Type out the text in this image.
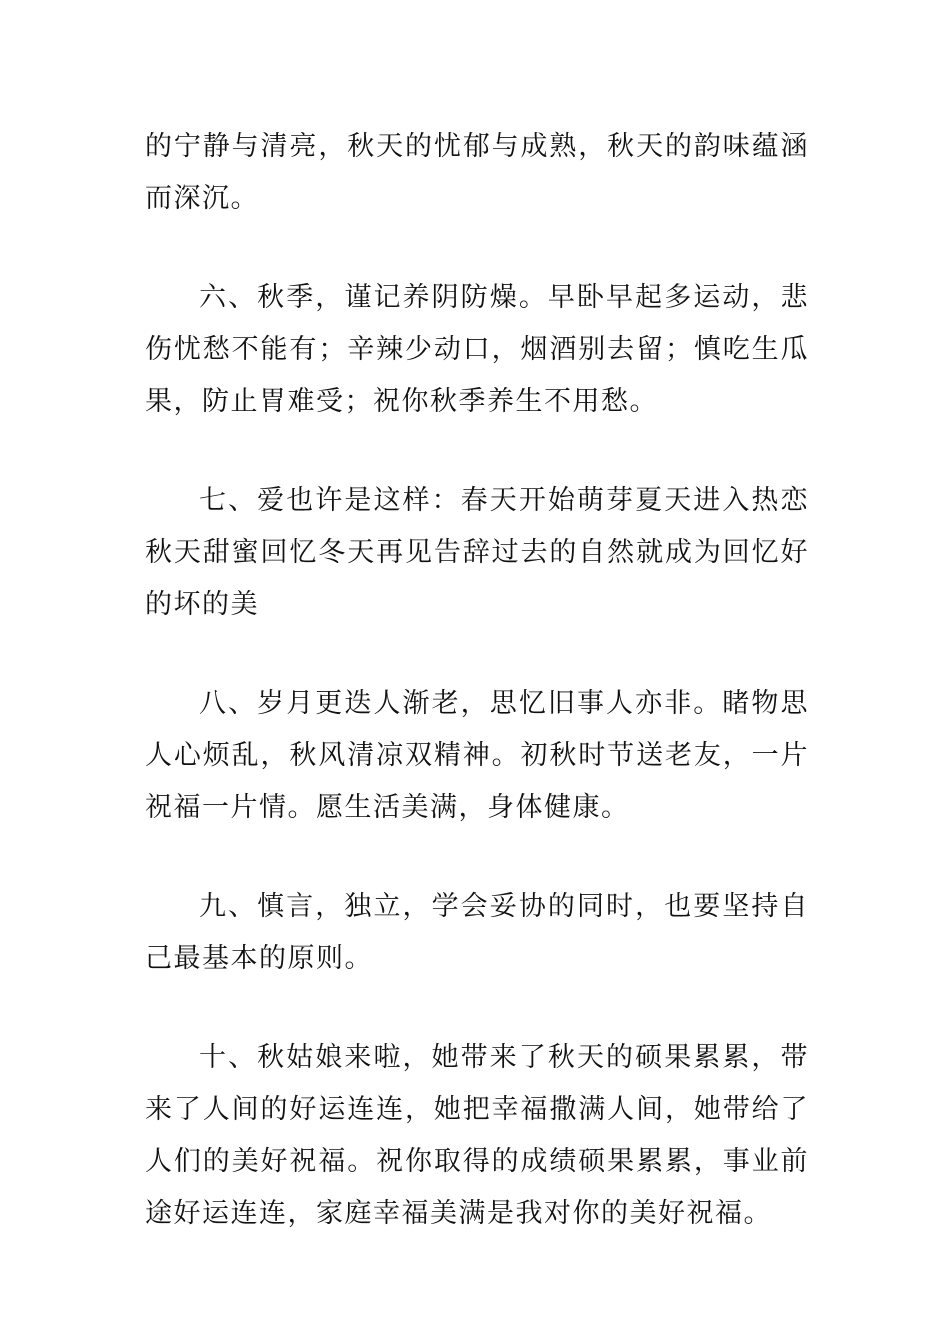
的宁静与清亮，秋天的忧郁与成熟，秋天的韵味蕴涵而深沉。

六、秋季，谨记养阴防燥。早卧早起多运动，悲伤忧愁不能有；辛辣少动口，烟酒别去留；慎吃生瓜果，防止胃难受；祝你秋季养生不用愁。

七、爱也许是这样：春天开始萌芽夏天进入热恋秋天甜蜜回忆冬天再见告辞过去的自然就成为回忆好的坏的美

八、岁月更迭人渐老，思忆旧事人亦非。睹物思人心烦乱，秋风清凉双精神。初秋时节送老友，一片祝福一片情。愿生活美满，身体健康。

九、慎言，独立，学会妥协的同时，也要坚持自己最基本的原则。

十、秋姑娘来啦，她带来了秋天的硕果累累，带来了人间的好运连连，她把幸福撒满人间，她带给了人们的美好祝福。祝你取得的成绩硕果累累，事业前途好运连连，家庭幸福美满是我对你的美好祝福。
